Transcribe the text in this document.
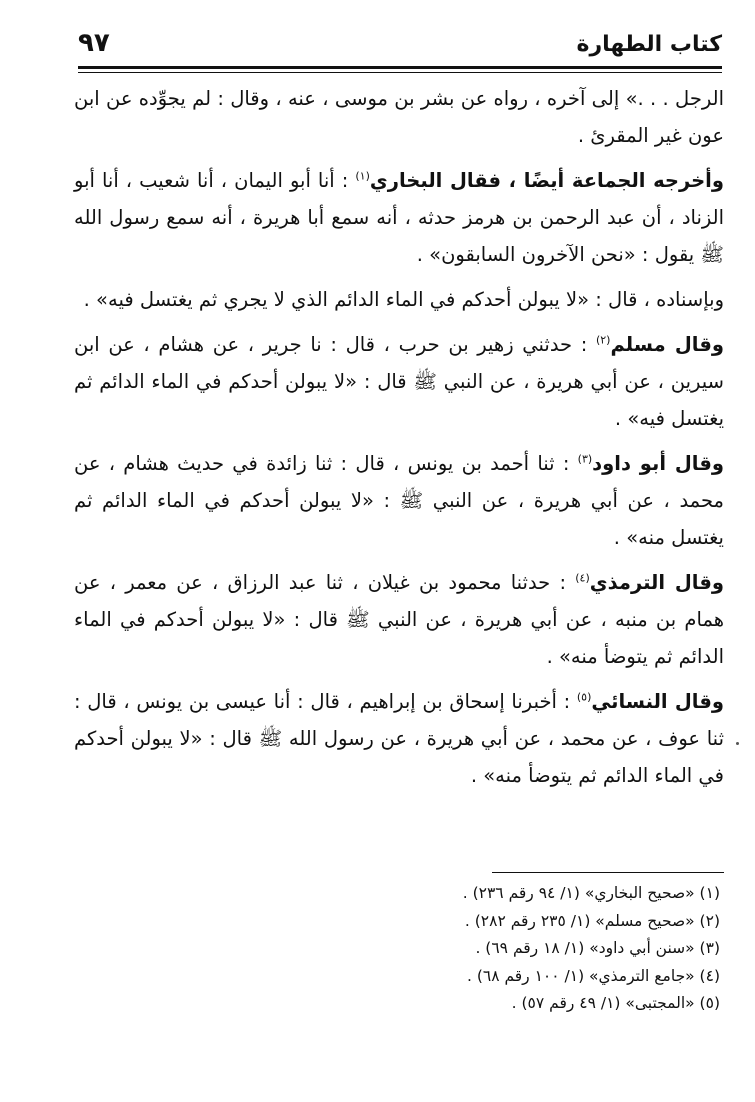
كتاب الطهارة
٩٧

الرجل . . .» إلى آخره ، رواه عن بشر بن موسى ، عنه ، وقال : لم يجوِّده عن ابن عون غير المقرئ .

وأخرجه الجماعة أيضًا ، فقال البخاري$^{(١)}$ : أنا أبو اليمان ، أنا شعيب ، أنا أبو الزناد ، أن عبد الرحمن بن هرمز حدثه ، أنه سمع أبا هريرة ، أنه سمع رسول الله ﷺ يقول : «نحن الآخرون السابقون» .

وبإسناده ، قال : «لا يبولن أحدكم في الماء الدائم الذي لا يجري ثم يغتسل فيه» .

وقال مسلم$^{(٢)}$ : حدثني زهير بن حرب ، قال : نا جرير ، عن هشام ، عن ابن سيرين ، عن أبي هريرة ، عن النبي ﷺ قال : «لا يبولن أحدكم في الماء الدائم ثم يغتسل فيه» .

وقال أبو داود$^{(٣)}$ : ثنا أحمد بن يونس ، قال : ثنا زائدة في حديث هشام ، عن محمد ، عن أبي هريرة ، عن النبي ﷺ : «لا يبولن أحدكم في الماء الدائم ثم يغتسل منه» .

وقال الترمذي$^{(٤)}$ : حدثنا محمود بن غيلان ، ثنا عبد الرزاق ، عن معمر ، عن همام بن منبه ، عن أبي هريرة ، عن النبي ﷺ قال : «لا يبولن أحدكم في الماء الدائم ثم يتوضأ منه» .

وقال النسائي$^{(٥)}$ : أخبرنا إسحاق بن إبراهيم ، قال : أنا عيسى بن يونس ، قال : ثنا عوف ، عن محمد ، عن أبي هريرة ، عن رسول الله ﷺ قال : «لا يبولن أحدكم في الماء الدائم ثم يتوضأ منه» .

(١) «صحيح البخاري» (١/ ٩٤ رقم ٢٣٦) .
(٢) «صحيح مسلم» (١/ ٢٣٥ رقم ٢٨٢) .
(٣) «سنن أبي داود» (١/ ١٨ رقم ٦٩) .
(٤) «جامع الترمذي» (١/ ١٠٠ رقم ٦٨) .
(٥) «المجتبى» (١/ ٤٩ رقم ٥٧) .
